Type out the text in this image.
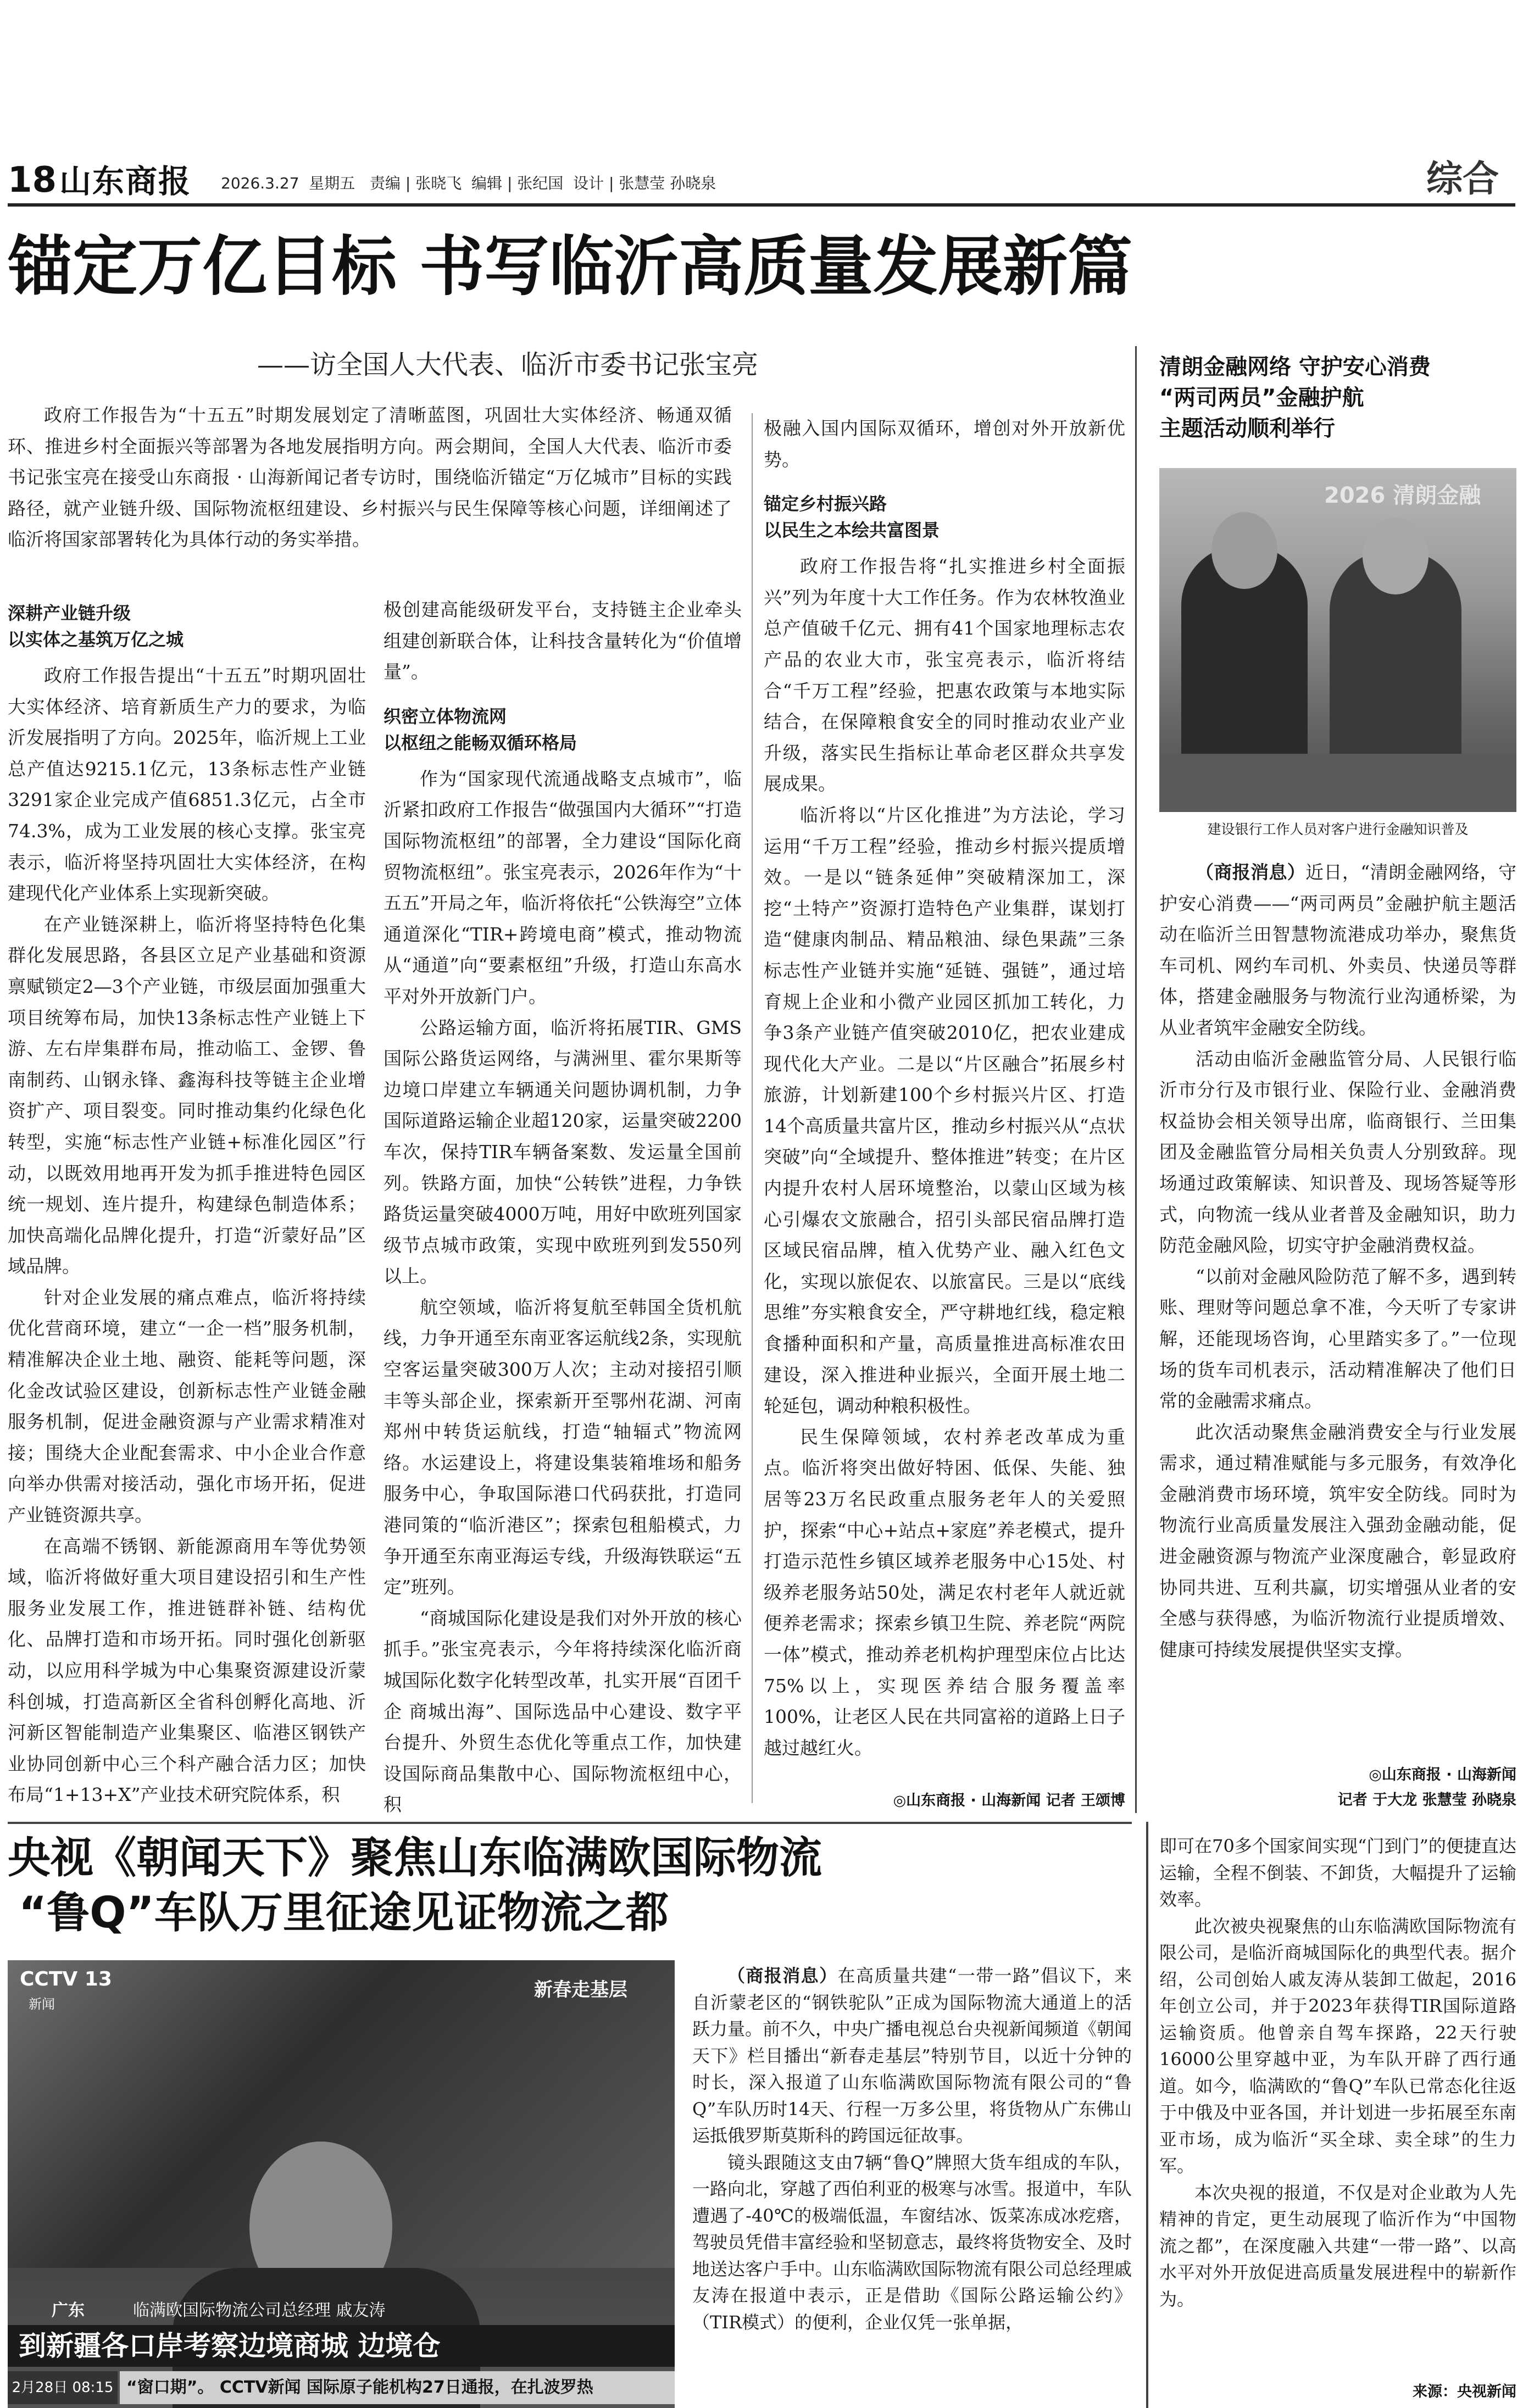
18 山东商报 2026.3.27  星期五   责编 | 张晓飞  编辑 | 张纪国  设计 | 张慧莹 孙晓泉	综合
锚定万亿目标 书写临沂高质量发展新篇
——访全国人大代表、临沂市委书记张宝亮

政府工作报告为“十五五”时期发展划定了清晰蓝图，巩固壮大实体经济、畅通双循环、推进乡村全面振兴等部署为各地发展指明方向。两会期间，全国人大代表、临沂市委书记张宝亮在接受山东商报 · 山海新闻记者专访时，围绕临沂锚定“万亿城市”目标的实践路径，就产业链升级、国际物流枢纽建设、乡村振兴与民生保障等核心问题，详细阐述了临沂将国家部署转化为具体行动的务实举措。

深耕产业链升级
以实体之基筑万亿之城

政府工作报告提出“十五五”时期巩固壮大实体经济、培育新质生产力的要求，为临沂发展指明了方向。2025年，临沂规上工业总产值达9215.1亿元，13条标志性产业链3291家企业完成产值6851.3亿元，占全市74.3%，成为工业发展的核心支撑。张宝亮表示，临沂将坚持巩固壮大实体经济，在构建现代化产业体系上实现新突破。

在产业链深耕上，临沂将坚持特色化集群化发展思路，各县区立足产业基础和资源禀赋锁定2—3个产业链，市级层面加强重大项目统筹布局，加快13条标志性产业链上下游、左右岸集群布局，推动临工、金锣、鲁南制药、山钢永锋、鑫海科技等链主企业增资扩产、项目裂变。同时推动集约化绿色化转型，实施“标志性产业链+标准化园区”行动，以既效用地再开发为抓手推进特色园区统一规划、连片提升，构建绿色制造体系；加快高端化品牌化提升，打造“沂蒙好品”区域品牌。

针对企业发展的痛点难点，临沂将持续优化营商环境，建立“一企一档”服务机制，精准解决企业土地、融资、能耗等问题，深化金改试验区建设，创新标志性产业链金融服务机制，促进金融资源与产业需求精准对接；围绕大企业配套需求、中小企业合作意向举办供需对接活动，强化市场开拓，促进产业链资源共享。

在高端不锈钢、新能源商用车等优势领域，临沂将做好重大项目建设招引和生产性服务业发展工作，推进链群补链、结构优化、品牌打造和市场开拓。同时强化创新驱动，以应用科学城为中心集聚资源建设沂蒙科创城，打造高新区全省科创孵化高地、沂河新区智能制造产业集聚区、临港区钢铁产业协同创新中心三个科产融合活力区；加快布局“1+13+X”产业技术研究院体系，积

极创建高能级研发平台，支持链主企业牵头组建创新联合体，让科技含量转化为“价值增量”。

织密立体物流网
以枢纽之能畅双循环格局

作为“国家现代流通战略支点城市”，临沂紧扣政府工作报告“做强国内大循环”“打造国际物流枢纽”的部署，全力建设“国际化商贸物流枢纽”。张宝亮表示，2026年作为“十五五”开局之年，临沂将依托“公铁海空”立体通道深化“TIR+跨境电商”模式，推动物流从“通道”向“要素枢纽”升级，打造山东高水平对外开放新门户。

公路运输方面，临沂将拓展TIR、GMS国际公路货运网络，与满洲里、霍尔果斯等边境口岸建立车辆通关问题协调机制，力争国际道路运输企业超120家，运量突破2200车次，保持TIR车辆备案数、发运量全国前列。铁路方面，加快“公转铁”进程，力争铁路货运量突破4000万吨，用好中欧班列国家级节点城市政策，实现中欧班列到发550列以上。

航空领域，临沂将复航至韩国全货机航线，力争开通至东南亚客运航线2条，实现航空客运量突破300万人次；主动对接招引顺丰等头部企业，探索新开至鄂州花湖、河南郑州中转货运航线，打造“轴辐式”物流网络。水运建设上，将建设集装箱堆场和船务服务中心，争取国际港口代码获批，打造同港同策的“临沂港区”；探索包租船模式，力争开通至东南亚海运专线，升级海铁联运“五定”班列。

“商城国际化建设是我们对外开放的核心抓手。”张宝亮表示，今年将持续深化临沂商城国际化数字化转型改革，扎实开展“百团千企 商城出海”、国际选品中心建设、数字平台提升、外贸生态优化等重点工作，加快建设国际商品集散中心、国际物流枢纽中心，积

极融入国内国际双循环，增创对外开放新优势。

锚定乡村振兴路
以民生之本绘共富图景

政府工作报告将“扎实推进乡村全面振兴”列为年度十大工作任务。作为农林牧渔业总产值破千亿元、拥有41个国家地理标志农产品的农业大市，张宝亮表示，临沂将结合“千万工程”经验，把惠农政策与本地实际结合，在保障粮食安全的同时推动农业产业升级，落实民生指标让革命老区群众共享发展成果。

临沂将以“片区化推进”为方法论，学习运用“千万工程”经验，推动乡村振兴提质增效。一是以“链条延伸”突破精深加工，深挖“土特产”资源打造特色产业集群，谋划打造“健康肉制品、精品粮油、绿色果蔬”三条标志性产业链并实施“延链、强链”，通过培育规上企业和小微产业园区抓加工转化，力争3条产业链产值突破2010亿，把农业建成现代化大产业。二是以“片区融合”拓展乡村旅游，计划新建100个乡村振兴片区、打造14个高质量共富片区，推动乡村振兴从“点状突破”向“全域提升、整体推进”转变；在片区内提升农村人居环境整治，以蒙山区域为核心引爆农文旅融合，招引头部民宿品牌打造区域民宿品牌，植入优势产业、融入红色文化，实现以旅促农、以旅富民。三是以“底线思维”夯实粮食安全，严守耕地红线，稳定粮食播种面积和产量，高质量推进高标准农田建设，深入推进种业振兴，全面开展土地二轮延包，调动种粮积极性。

民生保障领域，农村养老改革成为重点。临沂将突出做好特困、低保、失能、独居等23万名民政重点服务老年人的关爱照护，探索“中心+站点+家庭”养老模式，提升打造示范性乡镇区域养老服务中心15处、村级养老服务站50处，满足农村老年人就近就便养老需求；探索乡镇卫生院、养老院“两院一体”模式，推动养老机构护理型床位占比达75%以上，实现医养结合服务覆盖率100%，让老区人民在共同富裕的道路上日子越过越红火。

◎山东商报 · 山海新闻 记者 王颂博
清朗金融网络 守护安心消费
“两司两员”金融护航
主题活动顺利举行
2026 清朗金融
建设银行工作人员对客户进行金融知识普及

（商报消息）近日，“清朗金融网络，守护安心消费——“两司两员”金融护航主题活动在临沂兰田智慧物流港成功举办，聚焦货车司机、网约车司机、外卖员、快递员等群体，搭建金融服务与物流行业沟通桥梁，为从业者筑牢金融安全防线。

活动由临沂金融监管分局、人民银行临沂市分行及市银行业、保险行业、金融消费权益协会相关领导出席，临商银行、兰田集团及金融监管分局相关负责人分别致辞。现场通过政策解读、知识普及、现场答疑等形式，向物流一线从业者普及金融知识，助力防范金融风险，切实守护金融消费权益。

“以前对金融风险防范了解不多，遇到转账、理财等问题总拿不准，今天听了专家讲解，还能现场咨询，心里踏实多了。”一位现场的货车司机表示，活动精准解决了他们日常的金融需求痛点。

此次活动聚焦金融消费安全与行业发展需求，通过精准赋能与多元服务，有效净化金融消费市场环境，筑牢安全防线。同时为物流行业高质量发展注入强劲金融动能，促进金融资源与物流产业深度融合，彰显政府协同共进、互利共赢，切实增强从业者的安全感与获得感，为临沂物流行业提质增效、健康可持续发展提供坚实支撑。

◎山东商报 · 山海新闻
记者 于大龙 张慧莹 孙晓泉
央视《朝闻天下》聚焦山东临满欧国际物流
“鲁Q”车队万里征途见证物流之都
CCTV 13
新闻
新春走基层
广东	临满欧国际物流公司总经理 戚友涛
到新疆各口岸考察边境商城 边境仓
2月28日 08:15 “窗口期”。 CCTV新闻 国际原子能机构27日通报，在扎波罗热

（商报消息）在高质量共建“一带一路”倡议下，来自沂蒙老区的“钢铁驼队”正成为国际物流大通道上的活跃力量。前不久，中央广播电视总台央视新闻频道《朝闻天下》栏目播出“新春走基层”特别节目，以近十分钟的时长，深入报道了山东临满欧国际物流有限公司的“鲁Q”车队历时14天、行程一万多公里，将货物从广东佛山运抵俄罗斯莫斯科的跨国远征故事。

镜头跟随这支由7辆“鲁Q”牌照大货车组成的车队，一路向北，穿越了西伯利亚的极寒与冰雪。报道中，车队遭遇了-40℃的极端低温，车窗结冰、饭菜冻成冰疙瘩，驾驶员凭借丰富经验和坚韧意志，最终将货物安全、及时地送达客户手中。山东临满欧国际物流有限公司总经理戚友涛在报道中表示，正是借助《国际公路运输公约》（TIR模式）的便利，企业仅凭一张单据，

即可在70多个国家间实现“门到门”的便捷直达运输，全程不倒装、不卸货，大幅提升了运输效率。

此次被央视聚焦的山东临满欧国际物流有限公司，是临沂商城国际化的典型代表。据介绍，公司创始人戚友涛从装卸工做起，2016年创立公司，并于2023年获得TIR国际道路运输资质。他曾亲自驾车探路，22天行驶16000公里穿越中亚，为车队开辟了西行通道。如今，临满欧的“鲁Q”车队已常态化往返于中俄及中亚各国，并计划进一步拓展至东南亚市场，成为临沂“买全球、卖全球”的生力军。

本次央视的报道，不仅是对企业敢为人先精神的肯定，更生动展现了临沂作为“中国物流之都”，在深度融入共建“一带一路”、以高水平对外开放促进高质量发展进程中的崭新作为。

来源：央视新闻
